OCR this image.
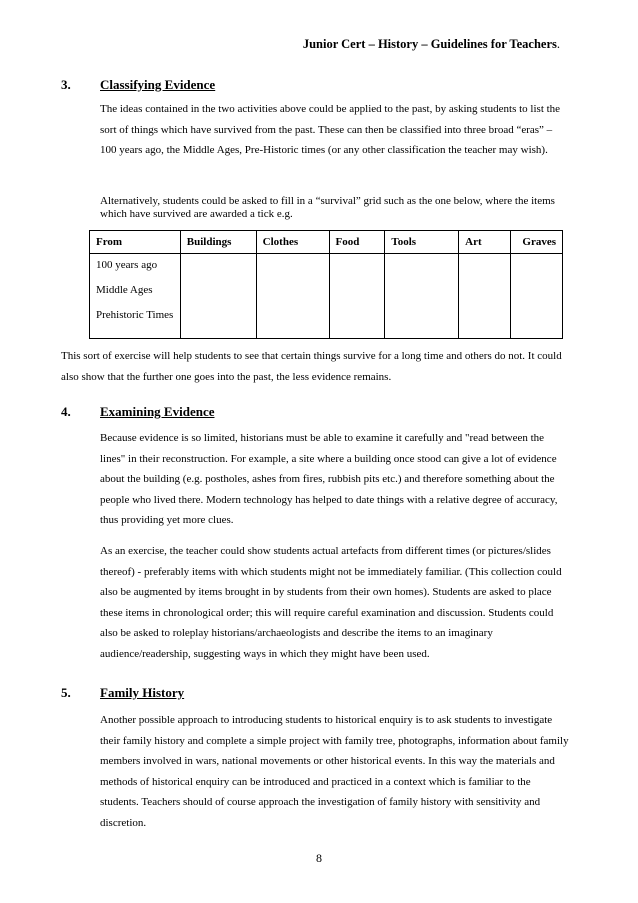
Junior Cert – History – Guidelines for Teachers.
3. Classifying Evidence
The ideas contained in the two activities above could be applied to the past, by asking students to list the sort of things which have survived from the past. These can then be classified into three broad “eras” – 100 years ago, the Middle Ages, Pre-Historic times (or any other classification the teacher may wish).
Alternatively, students could be asked to fill in a “survival” grid such as the one below, where the items which have survived are awarded a tick e.g.
From	Buildings	Clothes	Food	Tools	Art	Graves

100 years ago
Middle Ages
Prehistoric Times						

This sort of exercise will help students to see that certain things survive for a long time and others do not. It could also show that the further one goes into the past, the less evidence remains.
4. Examining Evidence
Because evidence is so limited, historians must be able to examine it carefully and "read between the lines" in their reconstruction. For example, a site where a building once stood can give a lot of evidence about the building (e.g. postholes, ashes from fires, rubbish pits etc.) and therefore something about the people who lived there. Modern technology has helped to date things with a relative degree of accuracy, thus providing yet more clues.
As an exercise, the teacher could show students actual artefacts from different times (or pictures/slides thereof) - preferably items with which students might not be immediately familiar. (This collection could also be augmented by items brought in by students from their own homes). Students are asked to place these items in chronological order; this will require careful examination and discussion. Students could also be asked to roleplay historians/archaeologists and describe the items to an imaginary audience/readership, suggesting ways in which they might have been used.
5. Family History
Another possible approach to introducing students to historical enquiry is to ask students to investigate their family history and complete a simple project with family tree, photographs, information about family members involved in wars, national movements or other historical events. In this way the materials and methods of historical enquiry can be introduced and practiced in a context which is familiar to the students. Teachers should of course approach the investigation of family history with sensitivity and discretion.
8
